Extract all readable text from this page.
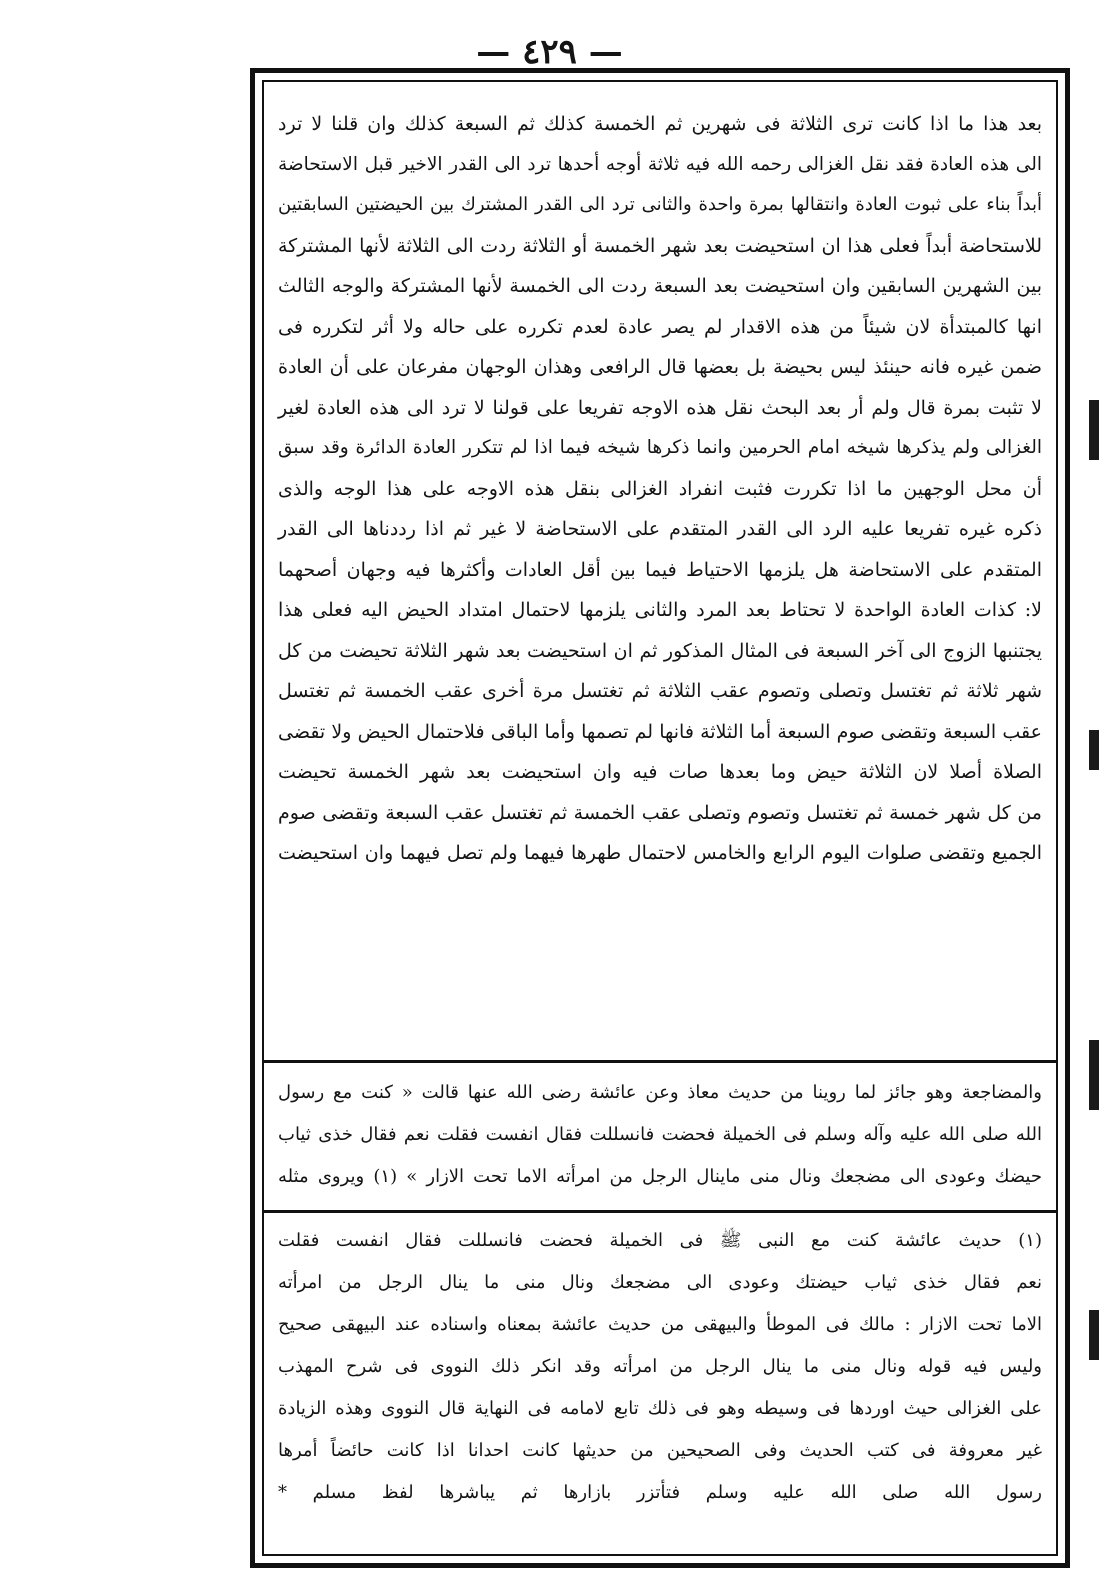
— ٤٢٩ —

بعد هذا ما اذا كانت ترى الثلاثة فى شهرين ثم الخمسة كذلك ثم السبعة كذلك وان قلنا لا ترد

الى هذه العادة فقد نقل الغزالى رحمه الله فيه ثلاثة أوجه أحدها ترد الى القدر الاخير قبل الاستحاضة

أبداً بناء على ثبوت العادة وانتقالها بمرة واحدة والثانى ترد الى القدر المشترك بين الحيضتين السابقتين

للاستحاضة أبداً فعلى هذا ان استحيضت بعد شهر الخمسة أو الثلاثة ردت الى الثلاثة لأنها المشتركة

بين الشهرين السابقين وان استحيضت بعد السبعة ردت الى الخمسة لأنها المشتركة والوجه الثالث

انها كالمبتدأة لان شيئاً من هذه الاقدار لم يصر عادة لعدم تكرره على حاله ولا أثر لتكرره فى

ضمن غيره فانه حينئذ ليس بحيضة بل بعضها قال الرافعى وهذان الوجهان مفرعان على أن العادة

لا تثبت بمرة قال ولم أر بعد البحث نقل هذه الاوجه تفريعا على قولنا لا ترد الى هذه العادة لغير

الغزالى ولم يذكرها شيخه امام الحرمين وانما ذكرها شيخه فيما اذا لم تتكرر العادة الدائرة وقد سبق

أن محل الوجهين ما اذا تكررت فثبت انفراد الغزالى بنقل هذه الاوجه على هذا الوجه والذى

ذكره غيره تفريعا عليه الرد الى القدر المتقدم على الاستحاضة لا غير ثم اذا رددناها الى القدر

المتقدم على الاستحاضة هل يلزمها الاحتياط فيما بين أقل العادات وأكثرها فيه وجهان أصحهما

لا: كذات العادة الواحدة لا تحتاط بعد المرد والثانى يلزمها لاحتمال امتداد الحيض اليه فعلى هذا

يجتنبها الزوج الى آخر السبعة فى المثال المذكور ثم ان استحيضت بعد شهر الثلاثة تحيضت من كل

شهر ثلاثة ثم تغتسل وتصلى وتصوم عقب الثلاثة ثم تغتسل مرة أخرى عقب الخمسة ثم تغتسل

عقب السبعة وتقضى صوم السبعة أما الثلاثة فانها لم تصمها وأما الباقى فلاحتمال الحيض ولا تقضى

الصلاة أصلا لان الثلاثة حيض وما بعدها صات فيه وان استحيضت بعد شهر الخمسة تحيضت

من كل شهر خمسة ثم تغتسل وتصوم وتصلى عقب الخمسة ثم تغتسل عقب السبعة وتقضى صوم

الجميع وتقضى صلوات اليوم الرابع والخامس لاحتمال طهرها فيهما ولم تصل فيهما وان استحيضت

والمضاجعة وهو جائز لما روينا من حديث معاذ وعن عائشة رضى الله عنها قالت « كنت مع رسول

الله صلى الله عليه وآله وسلم فى الخميلة فحضت فانسللت فقال انفست فقلت نعم فقال خذى ثياب

حيضك وعودى الى مضجعك ونال منى ماينال الرجل من امرأته الاما تحت الازار » (١) ويروى مثله

(١) حديث عائشة كنت مع النبى ﷺ فى الخميلة فحضت فانسللت فقال انفست فقلت

نعم فقال خذى ثياب حيضتك وعودى الى مضجعك ونال منى ما ينال الرجل من امرأته

الاما تحت الازار : مالك فى الموطأ والبيهقى من حديث عائشة بمعناه واسناده عند البيهقى صحيح

وليس فيه قوله ونال منى ما ينال الرجل من امرأته وقد انكر ذلك النووى فى شرح المهذب

على الغزالى حيث اوردها فى وسيطه وهو فى ذلك تابع لامامه فى النهاية قال النووى وهذه الزيادة

غير معروفة فى كتب الحديث وفى الصحيحين من حديثها كانت احدانا اذا كانت حائضاً أمرها

رسول الله صلى الله عليه وسلم فتأتزر بازارها ثم يباشرها لفظ مسلم *
